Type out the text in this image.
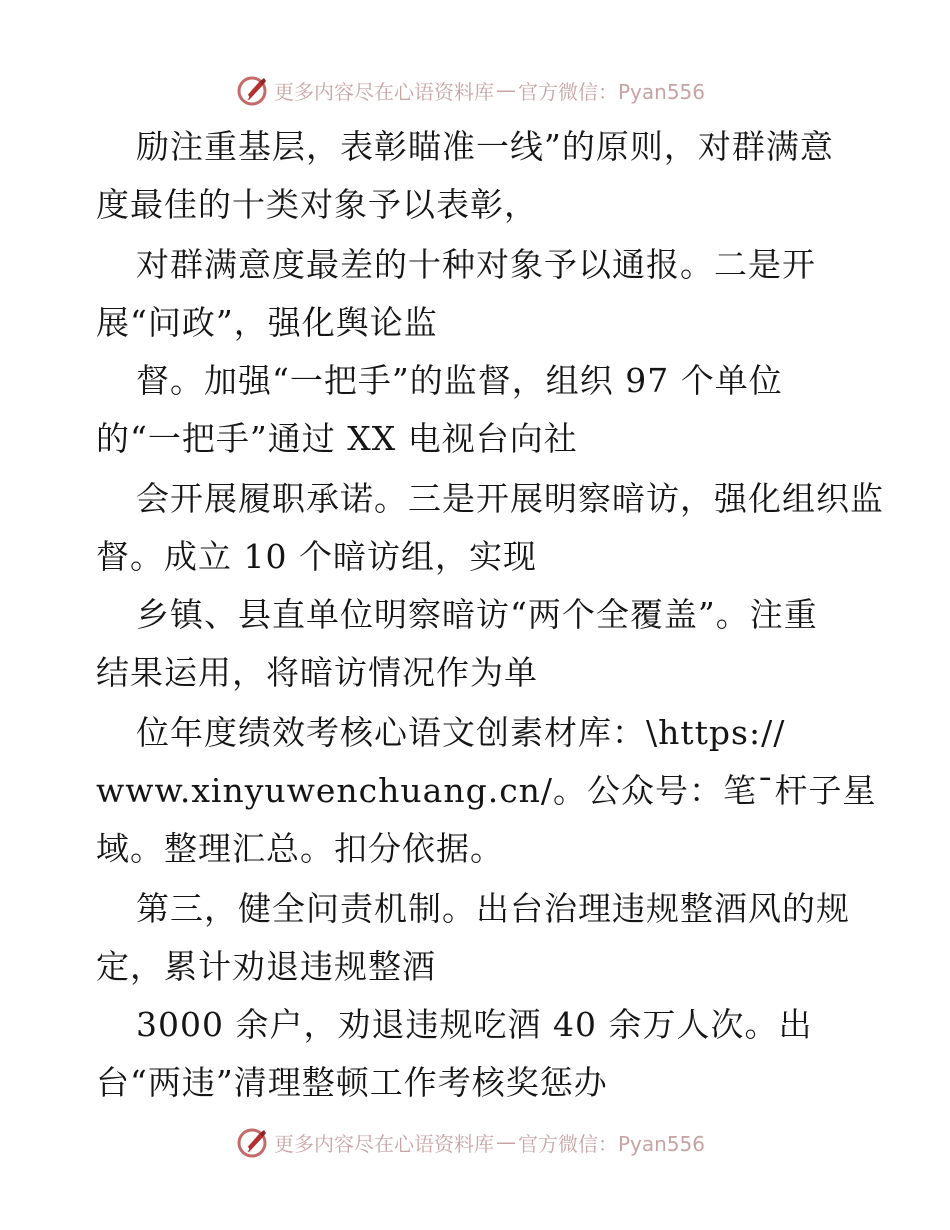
更多内容尽在心语资料库 — 官方微信：Pyan556
励注重基层，表彰瞄准一线”的原则，对群满意
度最佳的十类对象予以表彰，
对群满意度最差的十种对象予以通报。二是开
展“问政”，强化舆论监
督。加强“一把手”的监督，组织 97 个单位
的“一把手”通过 XX 电视台向社
会开展履职承诺。三是开展明察暗访，强化组织监
督。成立 10 个暗访组，实现
乡镇、县直单位明察暗访“两个全覆盖”。注重
结果运用，将暗访情况作为单
位年度绩效考核心语文创素材库：\https://
www.xinyuwenchuang.cn/。公众号：笔¯杆子星
域。整理汇总。扣分依据。
第三，健全问责机制。出台治理违规整酒风的规
定，累计劝退违规整酒
3000 余户，劝退违规吃酒 40 余万人次。出
台“两违”清理整顿工作考核奖惩办
更多内容尽在心语资料库 — 官方微信：Pyan556
